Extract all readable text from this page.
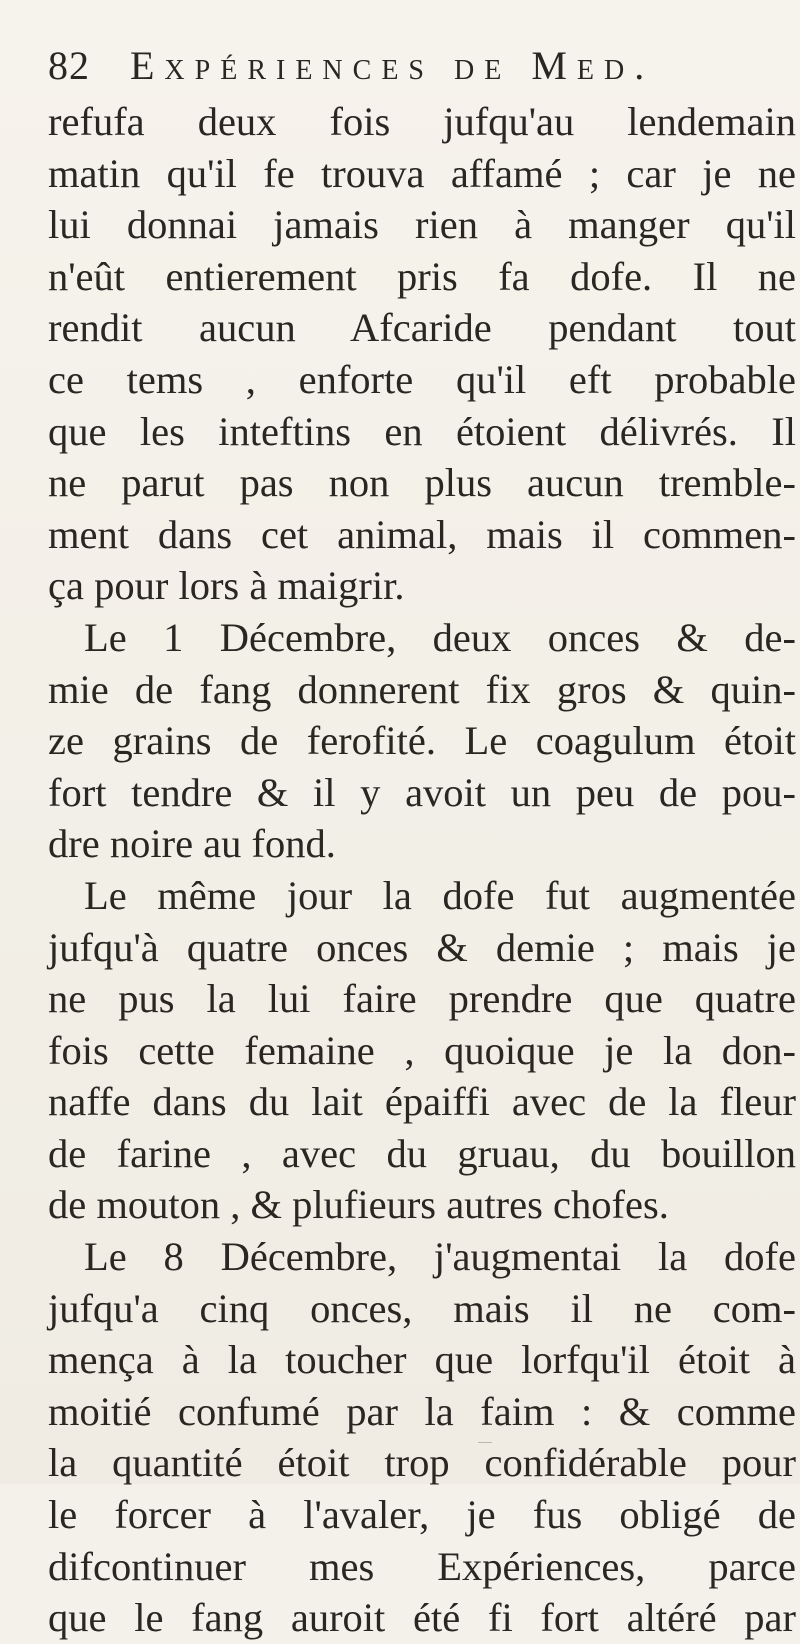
82 Expériences de Med.
refufa deux fois jufqu'au lendemain
matin qu'il fe trouva affamé ; car je ne
lui donnai jamais rien à manger qu'il
n'eût entierement pris fa dofe. Il ne
rendit aucun Afcaride pendant tout
ce tems , enforte qu'il eft probable
que les inteftins en étoient délivrés. Il
ne parut pas non plus aucun tremble-
ment dans cet animal, mais il commen-
ça pour lors à maigrir.
Le 1 Décembre, deux onces & de-
mie de fang donnerent fix gros & quin-
ze grains de ferofité. Le coagulum étoit
fort tendre & il y avoit un peu de pou-
dre noire au fond.
Le même jour la dofe fut augmentée
jufqu'à quatre onces & demie ; mais je
ne pus la lui faire prendre que quatre
fois cette femaine , quoique je la don-
naffe dans du lait épaiffi avec de la fleur
de farine , avec du gruau, du bouillon
de mouton , & plufieurs autres chofes.
Le 8 Décembre, j'augmentai la dofe
jufqu'a cinq onces, mais il ne com-
mença à la toucher que lorfqu'il étoit à
moitié confumé par la faim : & comme
la quantité étoit trop confidérable pour
le forcer à l'avaler, je fus obligé de
difcontinuer mes Expériences, parce
que le fang auroit été fi fort altéré par
